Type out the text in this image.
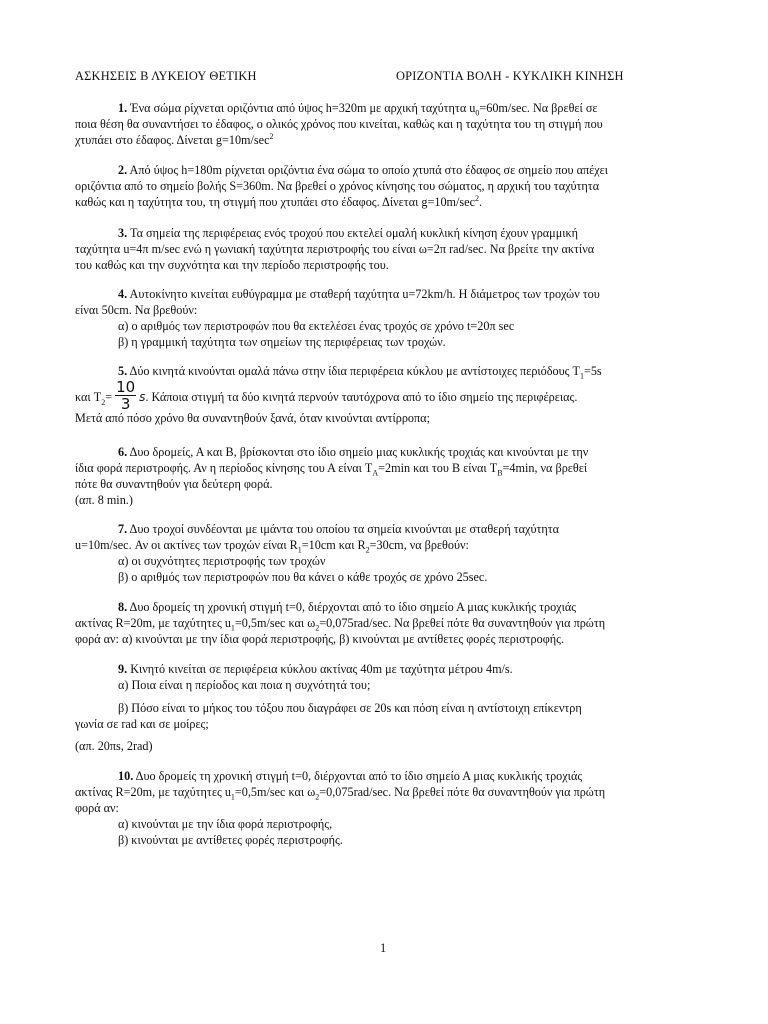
ΑΣΚΗΣΕΙΣ Β ΛΥΚΕΙΟΥ ΘΕΤΙΚΗ	ΟΡΙΖΟΝΤΙΑ ΒΟΛΗ - ΚΥΚΛΙΚΗ ΚΙΝΗΣΗ
1. Ένα σώμα ρίχνεται οριζόντια από ύψος h=320m με αρχική ταχύτητα $u_0=60m/\sec$. Να βρεθεί σε
ποια θέση θα συναντήσει το έδαφος, ο ολικός χρόνος που κινείται, καθώς και η ταχύτητα του τη στιγμή που
χτυπάει στο έδαφος. Δίνεται $g=10m/\sec^2$
2. Από ύψος h=180m ρίχνεται οριζόντια ένα σώμα το οποίο χτυπά στο έδαφος σε σημείο που απέχει
οριζόντια από το σημείο βολής S=360m. Να βρεθεί ο χρόνος κίνησης του σώματος, η αρχική του ταχύτητα
καθώς και η ταχύτητα του, τη στιγμή που χτυπάει στο έδαφος. Δίνεται $g=10m/\sec^2$.
3. Τα σημεία της περιφέρειας ενός τροχού που εκτελεί ομαλή κυκλική κίνηση έχουν γραμμική
ταχύτητα u=4π m/sec ενώ η γωνιακή ταχύτητα περιστροφής του είναι ω=2π rad/sec. Να βρείτε την ακτίνα
του καθώς και την συχνότητα και την περίοδο περιστροφής του.
4. Αυτοκίνητο κινείται ευθύγραμμα με σταθερή ταχύτητα u=72km/h. Η διάμετρος των τροχών του
είναι 50cm. Να βρεθούν:
α) ο αριθμός των περιστροφών που θα εκτελέσει ένας τροχός σε χρόνο t=20π sec
β) η γραμμική ταχύτητα των σημείων της περιφέρειας των τροχών.
5. Δύο κινητά κινούνται ομαλά πάνω στην ίδια περιφέρεια κύκλου με αντίστοιχες περιόδους $T_1=5s$
και $T_2= \frac{10}{3} s$. Κάποια στιγμή τα δύο κινητά περνούν ταυτόχρονα από το ίδιο σημείο της περιφέρειας.
Μετά από πόσο χρόνο θα συναντηθούν ξανά, όταν κινούνται αντίρροπα;
6. Δυο δρομείς, Α και Β, βρίσκονται στο ίδιο σημείο μιας κυκλικής τροχιάς και κινούνται με την
ίδια φορά περιστροφής. Αν η περίοδος κίνησης του Α είναι $T_A=2\min$ και του Β είναι $T_B=4\min$, να βρεθεί
πότε θα συναντηθούν για δεύτερη φορά.
(απ. 8 min.)
7. Δυο τροχοί συνδέονται με ιμάντα του οποίου τα σημεία κινούνται με σταθερή ταχύτητα
u=10m/sec. Αν οι ακτίνες των τροχών είναι $R_1=10cm$ και $R_2=30cm$, να βρεθούν:
α) οι συχνότητες περιστροφής των τροχών
β) ο αριθμός των περιστροφών που θα κάνει ο κάθε τροχός σε χρόνο 25sec.
8. Δυο δρομείς τη χρονική στιγμή t=0, διέρχονται από το ίδιο σημείο Α μιας κυκλικής τροχιάς
ακτίνας R=20m, με ταχύτητες $u_1=0,5m/\sec$ και $\omega_2=0,075rad/\sec$. Να βρεθεί πότε θα συναντηθούν για πρώτη
φορά αν: α) κινούνται με την ίδια φορά περιστροφής, β) κινούνται με αντίθετες φορές περιστροφής.
9. Κινητό κινείται σε περιφέρεια κύκλου ακτίνας 40m με ταχύτητα μέτρου 4m/s.
α) Ποια είναι η περίοδος και ποια η συχνότητά του;
β) Πόσο είναι το μήκος του τόξου που διαγράφει σε 20s και πόση είναι η αντίστοιχη επίκεντρη
γωνία σε rad και σε μοίρες;
(απ. 20πs, 2rad)
10. Δυο δρομείς τη χρονική στιγμή t=0, διέρχονται από το ίδιο σημείο Α μιας κυκλικής τροχιάς
ακτίνας R=20m, με ταχύτητες $u_1=0,5m/\sec$ και $\omega_2=0,075rad/\sec$. Να βρεθεί πότε θα συναντηθούν για πρώτη
φορά αν:
α) κινούνται με την ίδια φορά περιστροφής,
β) κινούνται με αντίθετες φορές περιστροφής.
1
